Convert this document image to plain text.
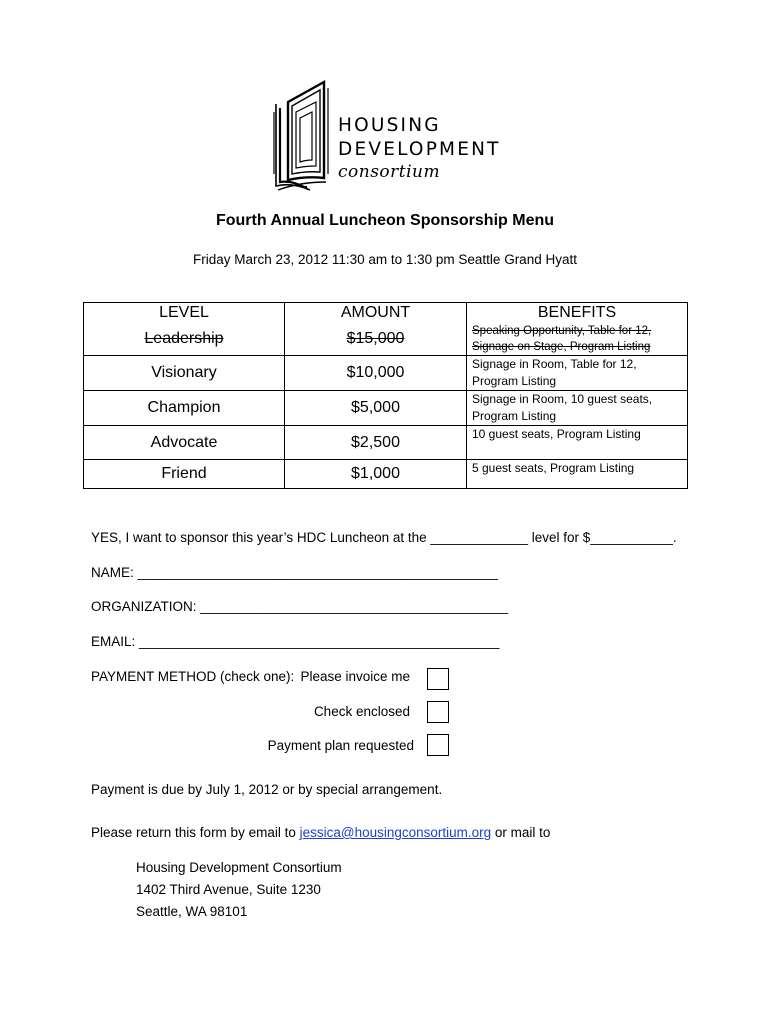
HOUSING
DEVELOPMENT
consortium
Fourth Annual Luncheon Sponsorship Menu
Friday March 23, 2012 11:30 am to 1:30 pm Seattle Grand Hyatt
LEVEL	AMOUNT	BENEFITS
Leadership	$15,000	Speaking Opportunity, Table for 12,
Signage on Stage, Program Listing

Visionary	$10,000	Signage in Room, Table for 12,
Program Listing

Champion	$5,000	Signage in Room, 10 guest seats,
Program Listing

Advocate	$2,500	10 guest seats, Program Listing

Friend	$1,000	5 guest seats, Program Listing
YES, I want to sponsor this year’s HDC Luncheon at the _____________ level for $___________.
NAME: ________________________________________________
ORGANIZATION: _________________________________________
EMAIL: ________________________________________________
PAYMENT METHOD (check one): Please invoice me
Check enclosed
Payment plan requested
Payment is due by July 1, 2012 or by special arrangement.
Please return this form by email to jessica@housingconsortium.org or mail to
Housing Development Consortium
1402 Third Avenue, Suite 1230
Seattle, WA 98101
